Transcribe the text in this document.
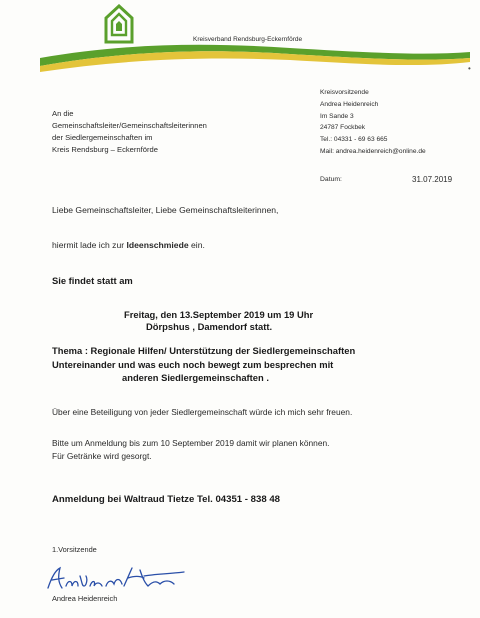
Kreisverband Rendsburg-Eckernförde
•
An die
Gemeinschaftsleiter/Gemeinschaftsleiterinnen
der Siedlergemeinschaften im
Kreis Rendsburg – Eckernförde
Kreisvorsitzende
Andrea Heidenreich
Im Sande 3
24787 Fockbek
Tel.: 04331 - 69 63 665
Mail: andrea.heidenreich@online.de
Datum:	31.07.2019
Liebe Gemeinschaftsleiter, Liebe Gemeinschaftsleiterinnen,
hiermit lade ich zur Ideenschmiede ein.
Sie findet statt am
Freitag, den 13.September 2019 um 19 Uhr
Dörpshus , Damendorf statt.
Thema : Regionale Hilfen/ Unterstützung der Siedlergemeinschaften
Untereinander und was euch noch bewegt zum besprechen mit
anderen Siedlergemeinschaften .
Über eine Beteiligung von jeder Siedlergemeinschaft würde ich mich sehr freuen.
Bitte um Anmeldung bis zum 10 September 2019 damit wir planen können.
Für Getränke wird gesorgt.
Anmeldung bei Waltraud Tietze Tel. 04351 - 838 48
1.Vorsitzende
Andrea Heidenreich
